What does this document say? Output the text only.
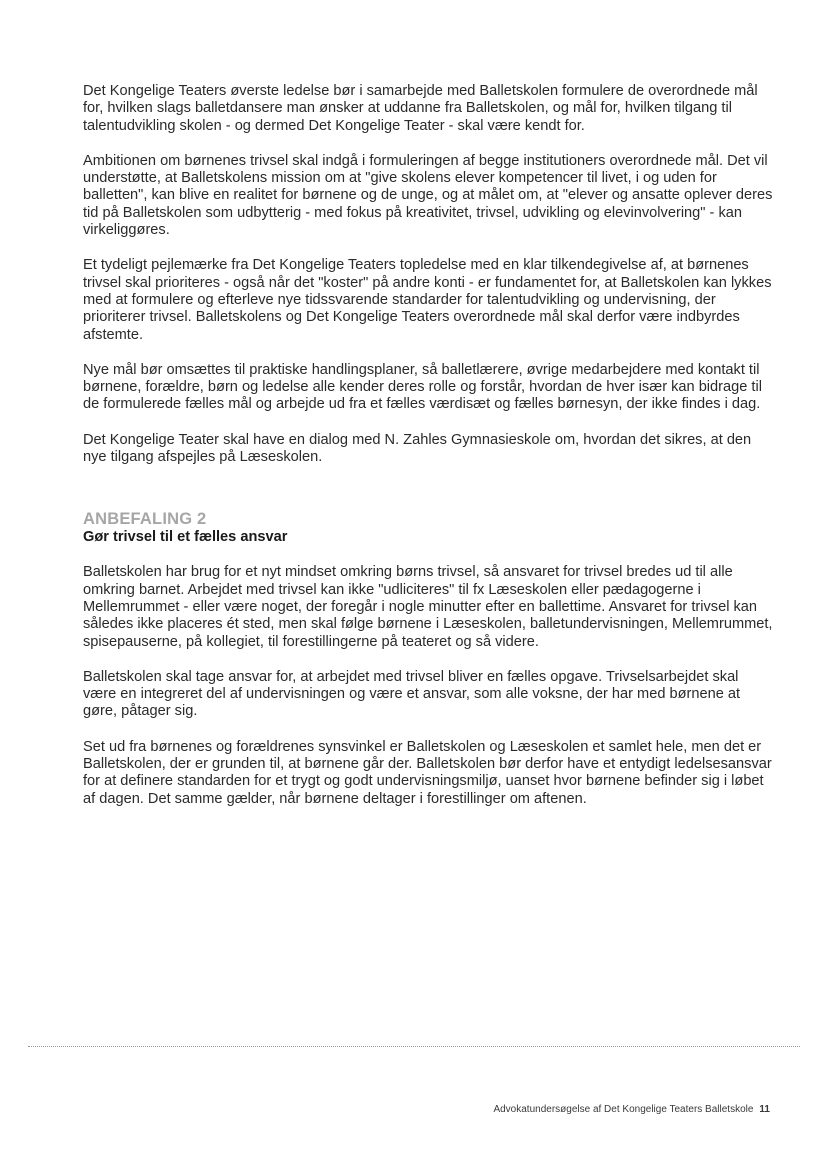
Det Kongelige Teaters øverste ledelse bør i samarbejde med Balletskolen formulere de overordnede mål for, hvilken slags balletdansere man ønsker at uddanne fra Balletskolen, og mål for, hvilken tilgang til talentudvikling skolen - og dermed Det Kongelige Teater - skal være kendt for.

Ambitionen om børnenes trivsel skal indgå i formuleringen af begge institutioners overordnede mål. Det vil understøtte, at Balletskolens mission om at "give skolens elever kompetencer til livet, i og uden for balletten", kan blive en realitet for børnene og de unge, og at målet om, at "elever og ansatte oplever deres tid på Balletskolen som udbytterig - med fokus på kreativitet, trivsel, udvikling og elevinvolvering" - kan virkeliggøres.

Et tydeligt pejlemærke fra Det Kongelige Teaters topledelse med en klar tilkendegivelse af, at børnenes trivsel skal prioriteres - også når det "koster" på andre konti - er fundamentet for, at Balletskolen kan lykkes med at formulere og efterleve nye tidssvarende standarder for talentudvikling og undervisning, der prioriterer trivsel. Balletskolens og Det Kongelige Teaters overordnede mål skal derfor være indbyrdes afstemte.

Nye mål bør omsættes til praktiske handlingsplaner, så balletlærere, øvrige medarbejdere med kontakt til børnene, forældre, børn og ledelse alle kender deres rolle og forstår, hvordan de hver især kan bidrage til de formulerede fælles mål og arbejde ud fra et fælles værdisæt og fælles børnesyn, der ikke findes i dag.

Det Kongelige Teater skal have en dialog med N. Zahles Gymnasieskole om, hvordan det sikres, at den nye tilgang afspejles på Læseskolen.

ANBEFALING 2
Gør trivsel til et fælles ansvar

Balletskolen har brug for et nyt mindset omkring børns trivsel, så ansvaret for trivsel bredes ud til alle omkring barnet. Arbejdet med trivsel kan ikke "udliciteres" til fx Læseskolen eller pædagogerne i Mellemrummet - eller være noget, der foregår i nogle minutter efter en ballettime. Ansvaret for trivsel kan således ikke placeres ét sted, men skal følge børnene i Læseskolen, balletundervisningen, Mellemrummet, spisepauserne, på kollegiet, til forestillingerne på teateret og så videre.

Balletskolen skal tage ansvar for, at arbejdet med trivsel bliver en fælles opgave. Trivselsarbejdet skal være en integreret del af undervisningen og være et ansvar, som alle voksne, der har med børnene at gøre, påtager sig.

Set ud fra børnenes og forældrenes synsvinkel er Balletskolen og Læseskolen et samlet hele, men det er Balletskolen, der er grunden til, at børnene går der. Balletskolen bør derfor have et entydigt ledelsesansvar for at definere standarden for et trygt og godt undervisningsmiljø, uanset hvor børnene befinder sig i løbet af dagen. Det samme gælder, når børnene deltager i forestillinger om aftenen.

Advokatundersøgelse af Det Kongelige Teaters Balletskole 11
